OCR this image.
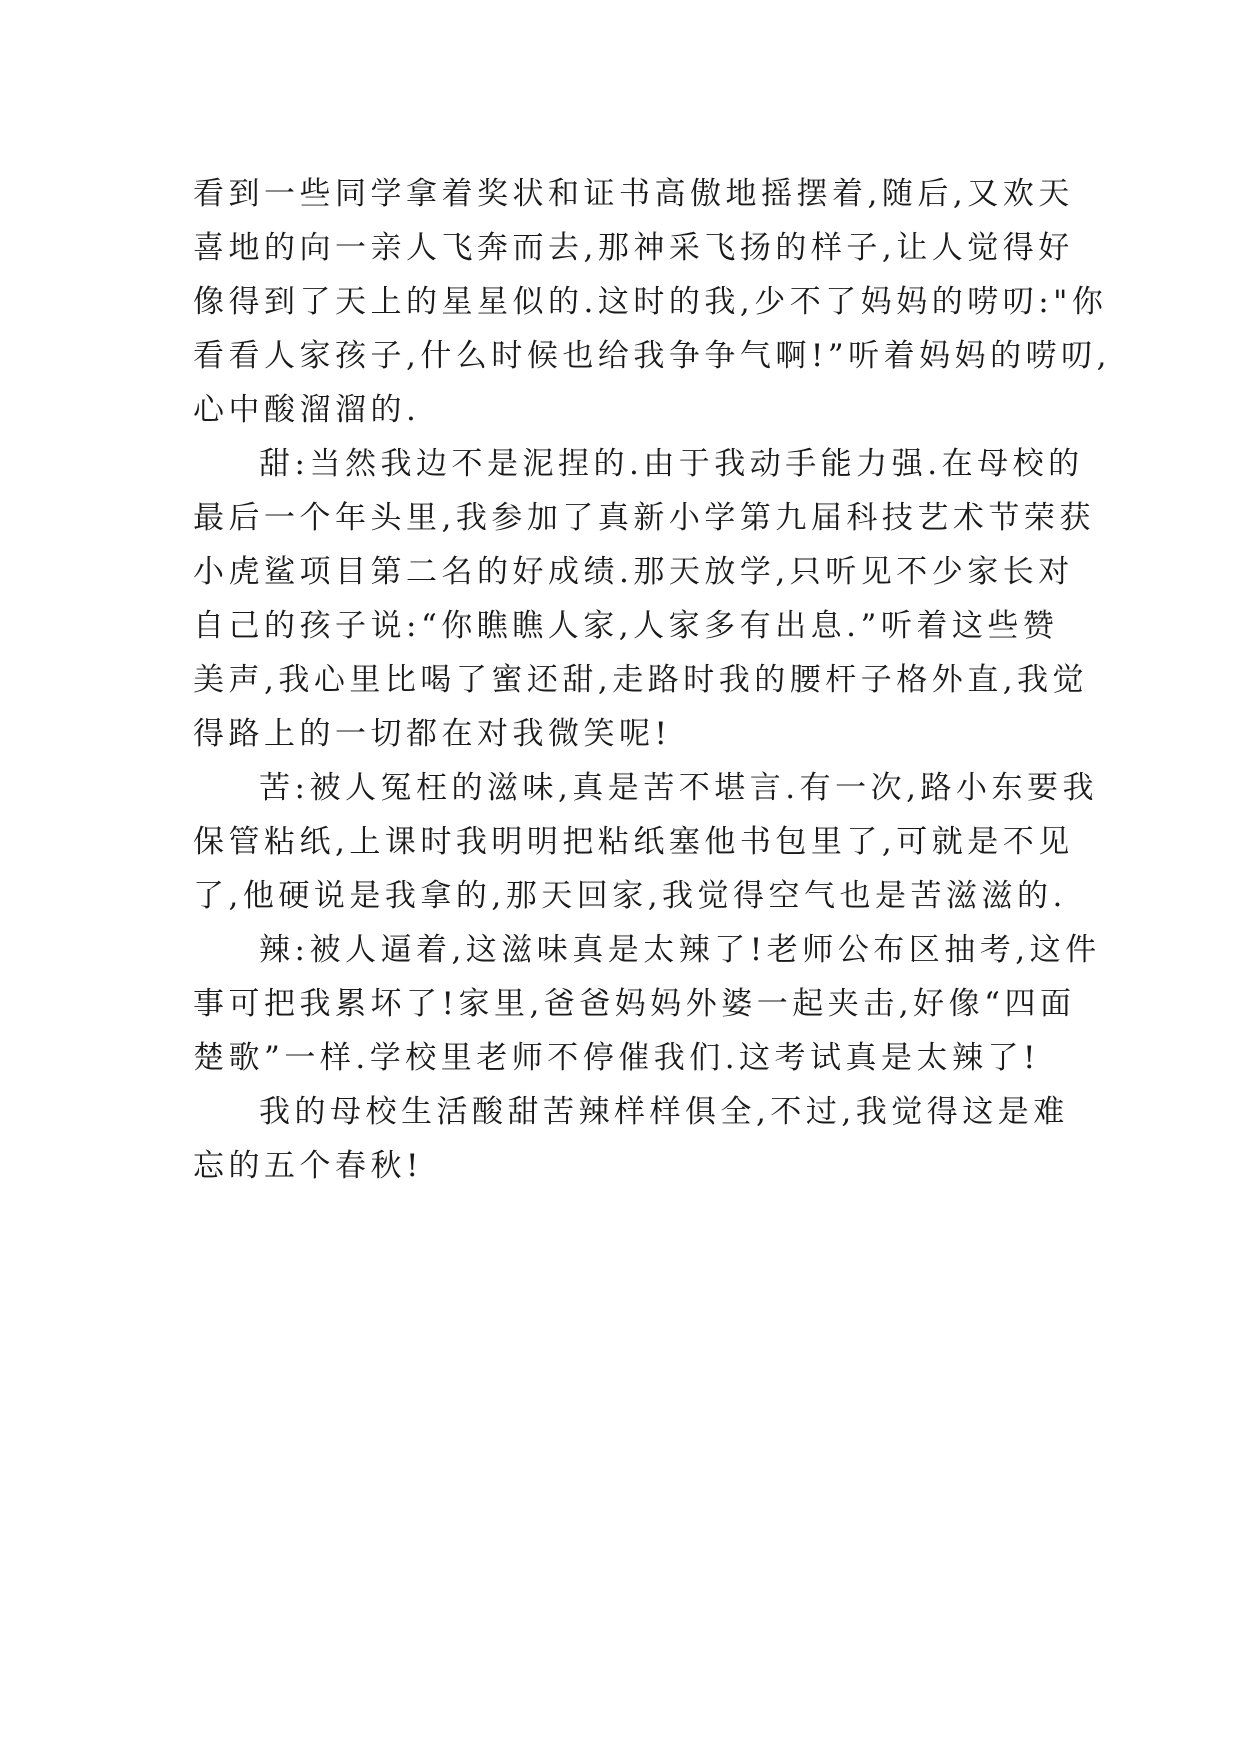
看到一些同学拿着奖状和证书高傲地摇摆着,随后,又欢天
喜地的向一亲人飞奔而去,那神采飞扬的样子,让人觉得好
像得到了天上的星星似的.这时的我,少不了妈妈的唠叨:"你
看看人家孩子,什么时候也给我争争气啊!”听着妈妈的唠叨,
心中酸溜溜的.
甜:当然我边不是泥捏的.由于我动手能力强.在母校的
最后一个年头里,我参加了真新小学第九届科技艺术节荣获
小虎鲨项目第二名的好成绩.那天放学,只听见不少家长对
自己的孩子说:“你瞧瞧人家,人家多有出息.”听着这些赞
美声,我心里比喝了蜜还甜,走路时我的腰杆子格外直,我觉
得路上的一切都在对我微笑呢!
苦:被人冤枉的滋味,真是苦不堪言.有一次,路小东要我
保管粘纸,上课时我明明把粘纸塞他书包里了,可就是不见
了,他硬说是我拿的,那天回家,我觉得空气也是苦滋滋的.
辣:被人逼着,这滋味真是太辣了!老师公布区抽考,这件
事可把我累坏了!家里,爸爸妈妈外婆一起夹击,好像“四面
楚歌”一样.学校里老师不停催我们.这考试真是太辣了!
我的母校生活酸甜苦辣样样俱全,不过,我觉得这是难
忘的五个春秋!
